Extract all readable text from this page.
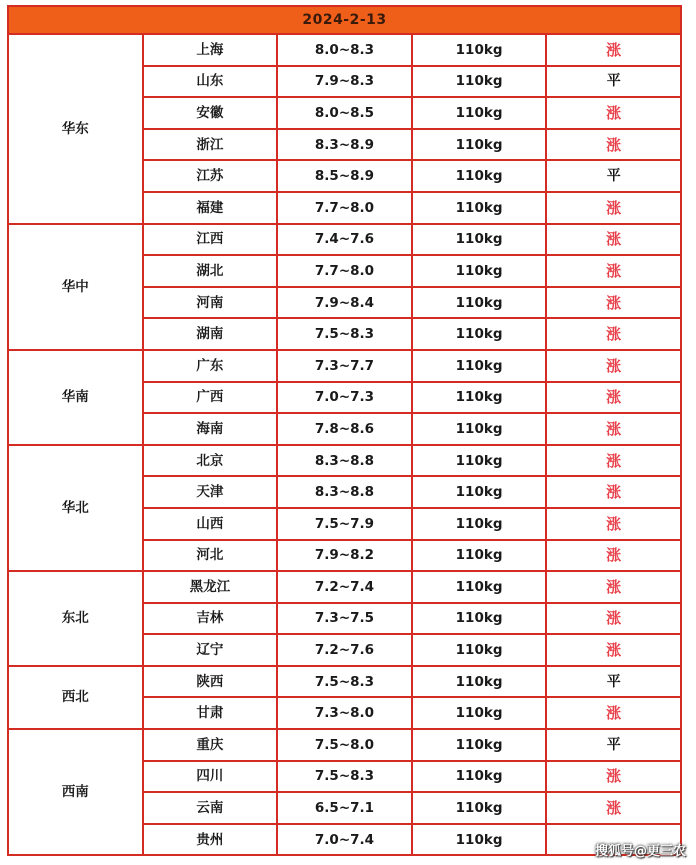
2024-2-13				
华东	上海	8.0~8.3	110kg	涨
	山东	7.9~8.3	110kg	平
	安徽	8.0~8.5	110kg	涨
	浙江	8.3~8.9	110kg	涨
	江苏	8.5~8.9	110kg	平
	福建	7.7~8.0	110kg	涨
华中	江西	7.4~7.6	110kg	涨
	湖北	7.7~8.0	110kg	涨
	河南	7.9~8.4	110kg	涨
	湖南	7.5~8.3	110kg	涨
华南	广东	7.3~7.7	110kg	涨
	广西	7.0~7.3	110kg	涨
	海南	7.8~8.6	110kg	涨
华北	北京	8.3~8.8	110kg	涨
	天津	8.3~8.8	110kg	涨
	山西	7.5~7.9	110kg	涨
	河北	7.9~8.2	110kg	涨
东北	黑龙江	7.2~7.4	110kg	涨
	吉林	7.3~7.5	110kg	涨
	辽宁	7.2~7.6	110kg	涨
西北	陕西	7.5~8.3	110kg	平
	甘肃	7.3~8.0	110kg	涨
西南	重庆	7.5~8.0	110kg	平
	四川	7.5~8.3	110kg	涨
	云南	6.5~7.1	110kg	涨
	贵州	7.0~7.4	110kg	
搜狐号@更三农
